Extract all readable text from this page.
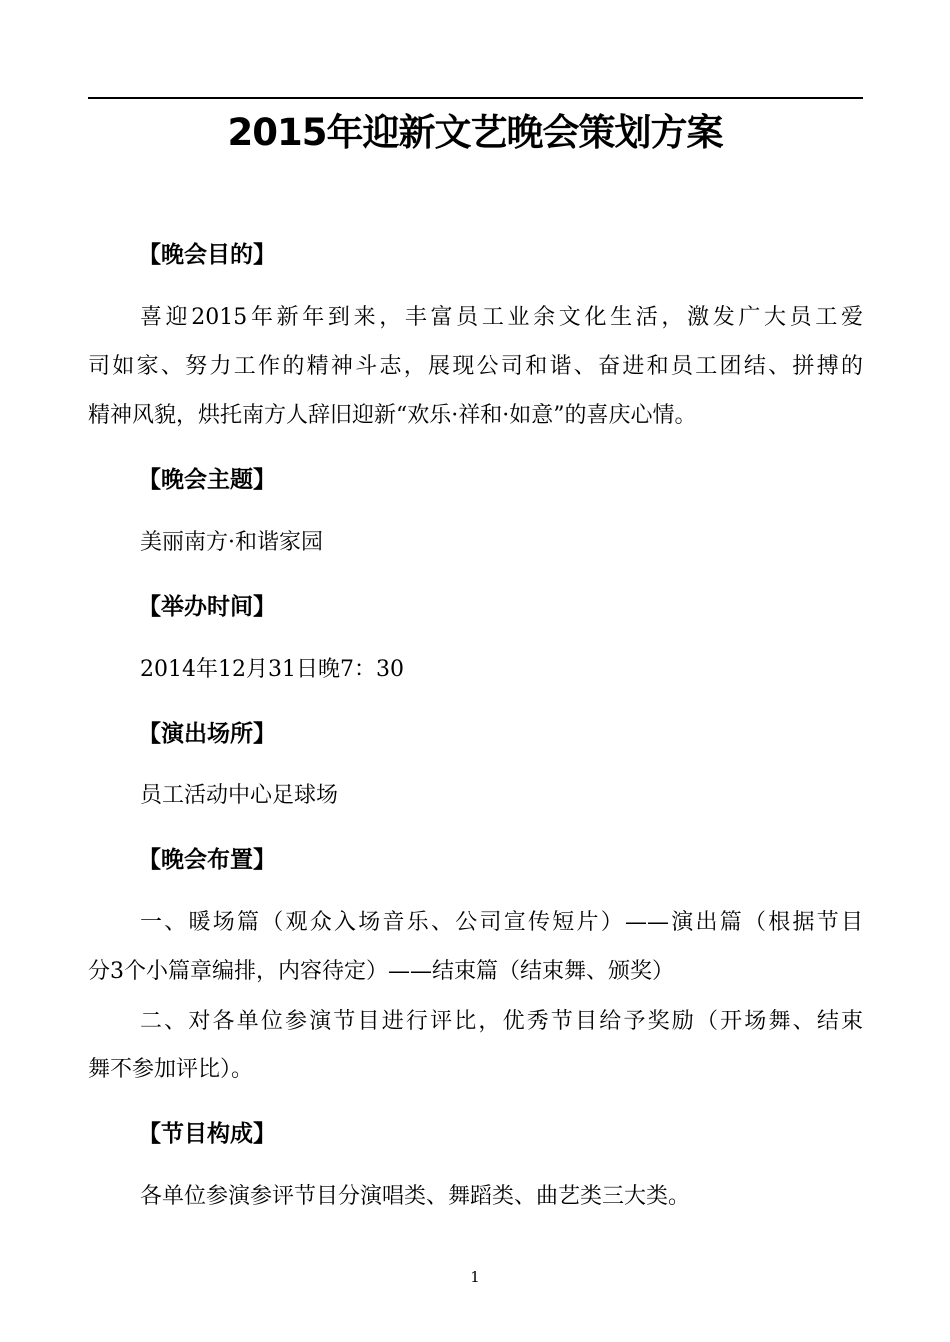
2015年迎新文艺晚会策划方案
【晚会目的】
喜迎2015年新年到来，丰富员工业余文化生活，激发广大员工爱
司如家、努力工作的精神斗志，展现公司和谐、奋进和员工团结、拼搏的
精神风貌，烘托南方人辞旧迎新“欢乐·祥和·如意”的喜庆心情。
【晚会主题】
美丽南方·和谐家园
【举办时间】
2014年12月31日晚7：30
【演出场所】
员工活动中心足球场
【晚会布置】
一、暖场篇（观众入场音乐、公司宣传短片）——演出篇（根据节目
分3个小篇章编排，内容待定）——结束篇（结束舞、颁奖）
二、对各单位参演节目进行评比，优秀节目给予奖励（开场舞、结束
舞不参加评比）。
【节目构成】
各单位参演参评节目分演唱类、舞蹈类、曲艺类三大类。
1
